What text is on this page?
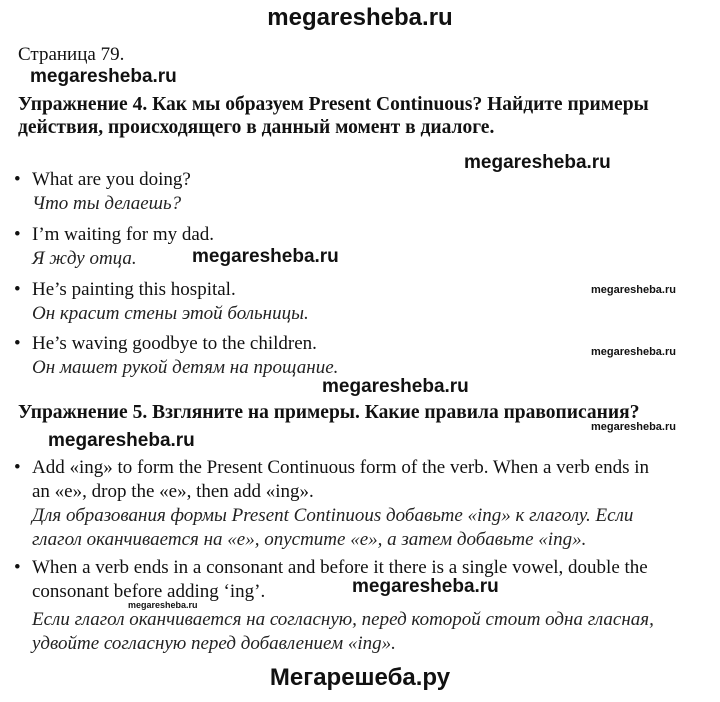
megaresheba.ru
Страница 79.
megaresheba.ru
Упражнение 4. Как мы образуем Present Continuous? Найдите примеры
действия, происходящего в данный момент в диалоге.
megaresheba.ru
• What are you doing?
Что ты делаешь?
• I’m waiting for my dad.
Я жду отца.	megaresheba.ru
• He’s painting this hospital.
Он красит стены этой больницы.
megaresheba.ru
• He’s waving goodbye to the children.
Он машет рукой детям на прощание.
megaresheba.ru
megaresheba.ru
Упражнение 5. Взгляните на примеры. Какие правила правописания?
megaresheba.ru
megaresheba.ru
• Add «ing» to form the Present Continuous form of the verb. When a verb ends in
an «e», drop the «e», then add «ing».
Для образования формы Present Continuous добавьте «ing» к глаголу. Если
глагол оканчивается на «e», опустите «e», а затем добавьте «ing».
• When a verb ends in a consonant and before it there is a single vowel, double the
consonant before adding ‘ing’.	megaresheba.ru
megaresheba.ru
Если глагол оканчивается на согласную, перед которой стоит одна гласная,
удвойте согласную перед добавлением «ing».
Мегарешеба.ру
